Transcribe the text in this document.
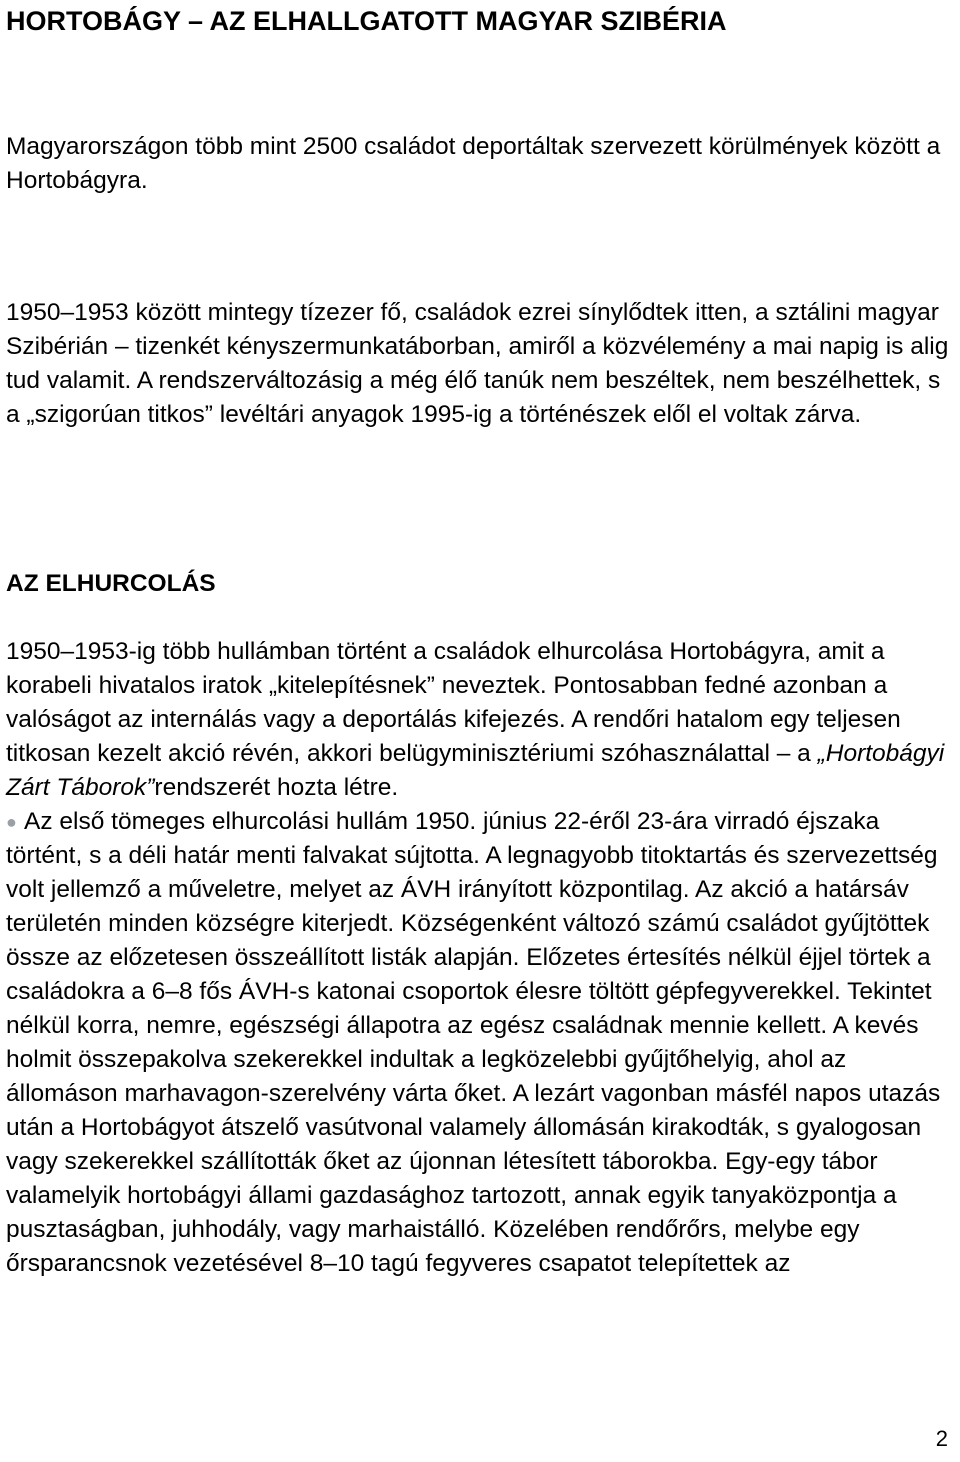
HORTOBÁGY – AZ ELHALLGATOTT MAGYAR SZIBÉRIA

Magyarországon több mint 2500 családot deportáltak szervezett körülmények között a Hortobágyra.

1950–1953 között mintegy tízezer fő, családok ezrei sínylődtek itten, a sztálini magyar Szibérián – tizenkét kényszermunkatáborban, amiről a közvélemény a mai napig is alig tud valamit. A rendszerváltozásig a még élő tanúk nem beszéltek, nem beszélhettek, s a „szigorúan titkos” levéltári anyagok 1995-ig a történészek elől el voltak zárva.

AZ ELHURCOLÁS

1950–1953-ig több hullámban történt a családok elhurcolása Hortobágyra, amit a korabeli hivatalos iratok „kitelepítésnek” neveztek. Pontosabban fedné azonban a valóságot az internálás vagy a deportálás kifejezés. A rendőri hatalom egy teljesen titkosan kezelt akció révén, akkori belügyminisztériumi szóhasználattal – a „Hortobágyi Zárt Táborok”rendszerét hozta létre.

● Az első tömeges elhurcolási hullám 1950. június 22-éről 23-ára virradó éjszaka történt, s a déli határ menti falvakat sújtotta. A legnagyobb titoktartás és szervezettség volt jellemző a műveletre, melyet az ÁVH irányított központilag. Az akció a határsáv területén minden községre kiterjedt. Községenként változó számú családot gyűjtöttek össze az előzetesen összeállított listák alapján. Előzetes értesítés nélkül éjjel törtek a családokra a 6–8 fős ÁVH-s katonai csoportok élesre töltött gépfegyverekkel. Tekintet nélkül korra, nemre, egészségi állapotra az egész családnak mennie kellett. A kevés holmit összepakolva szekerekkel indultak a legközelebbi gyűjtőhelyig, ahol az állomáson marhavagon-szerelvény várta őket. A lezárt vagonban másfél napos utazás után a Hortobágyot átszelő vasútvonal valamely állomásán kirakodták, s gyalogosan vagy szekerekkel szállították őket az újonnan létesített táborokba. Egy-egy tábor valamelyik hortobágyi állami gazdasághoz tartozott, annak egyik tanyaközpontja a pusztaságban, juhhodály, vagy marhaistálló. Közelében rendőrőrs, melybe egy őrsparancsnok vezetésével 8–10 tagú fegyveres csapatot telepítettek az

2
